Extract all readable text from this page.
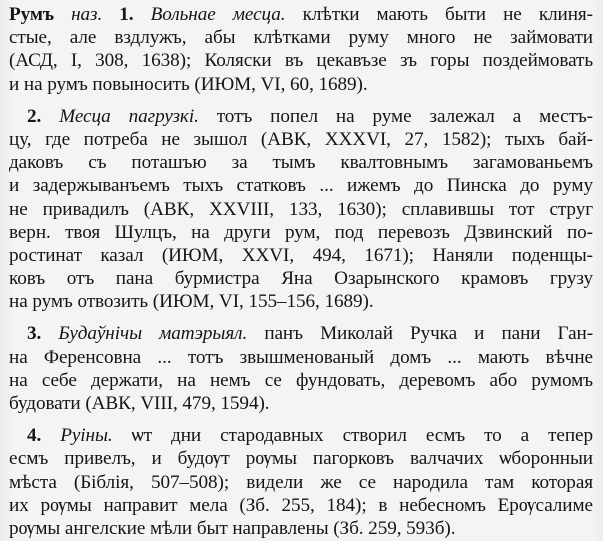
Румъ наз. 1. Вольнае месца. клѣтки мають быти не клиня-
стые, але вздлужъ, абы клѣтками руму много не займовати
(АСД, I, 308, 1638); Коляски въ цекавъзе зъ горы поздеймовать
и на румъ повыносить (ИЮМ, VI, 60, 1689).

2. Месца пагрузкі. тотъ попел на руме залежал а местъ-
цу, где потреба не зышол (АВК, XXXVI, 27, 1582); тыхъ бай-
даковъ съ поташъю за тымъ квалтовнымъ загамованьемъ
и задержыванъемъ тыхъ статковъ ... ижемъ до Пинска до руму
не привадилъ (АВК, XXVIII, 133, 1630); сплавившы тот струг
верн. твоя Шулцъ, на други рум, под перевозъ Дзвинский по-
ростинат казал (ИЮМ, XXVI, 494, 1671); Наняли поденщы-
ковъ отъ пана бурмистра Яна Озарынского крамовъ грузу
на румъ отвозить (ИЮМ, VI, 155–156, 1689).

3. Будаўнічы матэрыял. панъ Миколай Ручка и пани Ган-
на Ференсовна ... тотъ звышменованый домъ ... мають вѣчне
на себе держати, на немъ се фундовать, деревомъ або румомъ
будовати (АВК, VIII, 479, 1594).

4. Руіны. ѡт дни стародавных створил есмъ то а тепер
есмъ привелъ, и будѹт рѹмы пагорковъ валчачих ѡборонныи
мѣста (Біблія, 507–508); видели же се народила там которая
их рѹмы направит мела (Зб. 255, 184); в небесномъ Ерѹсалиме
рѹмы ангелские мѣли быт направлены (Зб. 259, 593б).
